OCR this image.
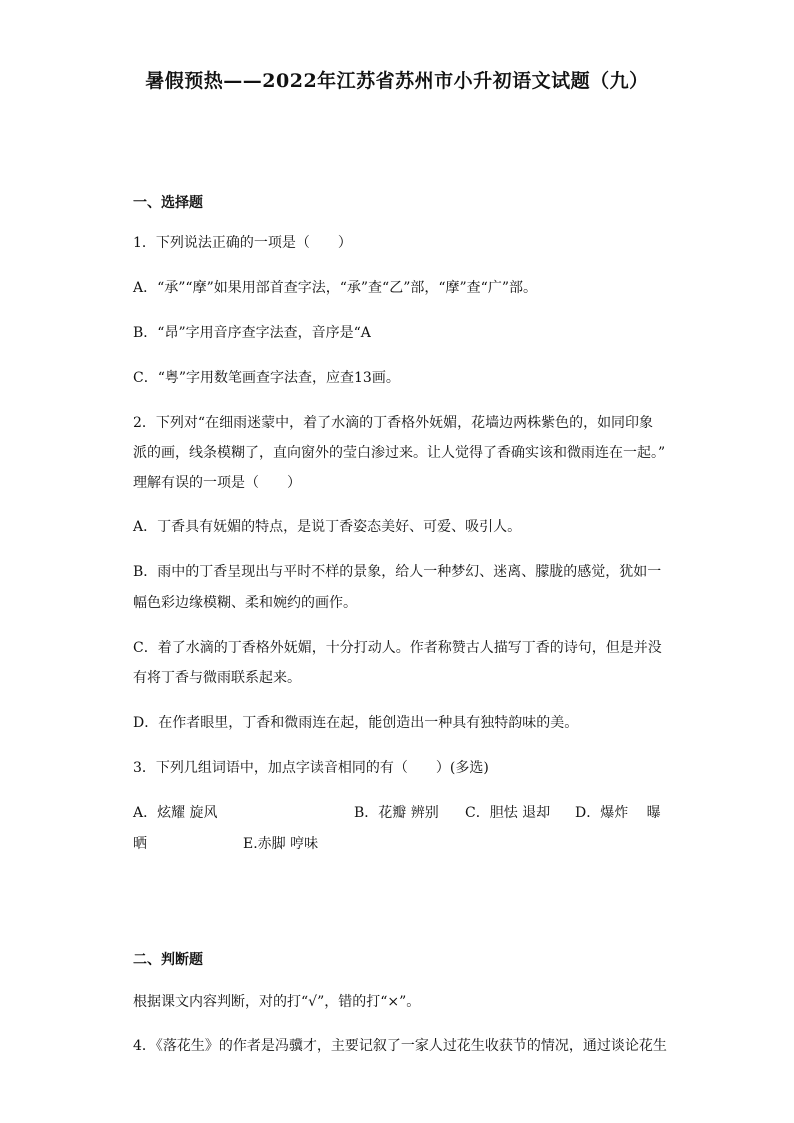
暑假预热——2022年江苏省苏州市小升初语文试题（九）
一、选择题
1．下列说法正确的一项是（　　）
A．“承”“摩”如果用部首查字法，“承”查“乙”部，“摩”查“广”部。
B．“昂”字用音序查字法查，音序是“A
C．“粤”字用数笔画查字法查，应查13画。
2．下列对“在细雨迷蒙中，着了水滴的丁香格外妩媚，花墙边两株紫色的，如同印象
派的画，线条模糊了，直向窗外的莹白渗过来。让人觉得了香确实该和微雨连在一起。”
理解有误的一项是（　　）
A．丁香具有妩媚的特点，是说丁香姿态美好、可爱、吸引人。
B．雨中的丁香呈现出与平时不样的景象，给人一种梦幻、迷离、朦胧的感觉，犹如一
幅色彩边缘模糊、柔和婉约的画作。
C．着了水滴的丁香格外妩媚，十分打动人。作者称赞古人描写丁香的诗句，但是并没
有将丁香与微雨联系起来。
D．在作者眼里，丁香和微雨连在起，能创造出一种具有独特韵味的美。
3．下列几组词语中，加点字读音相同的有（　　）(多选)
A．炫耀 旋风	B．花瓣 辨别 C．胆怯 退却 D．爆炸　 曝
晒	E.赤脚 哼味
二、判断题
根据课文内容判断，对的打“√”，错的打“×”。
4．《落花生》的作者是冯骥才，主要记叙了一家人过花生收获节的情况，通过谈论花生
